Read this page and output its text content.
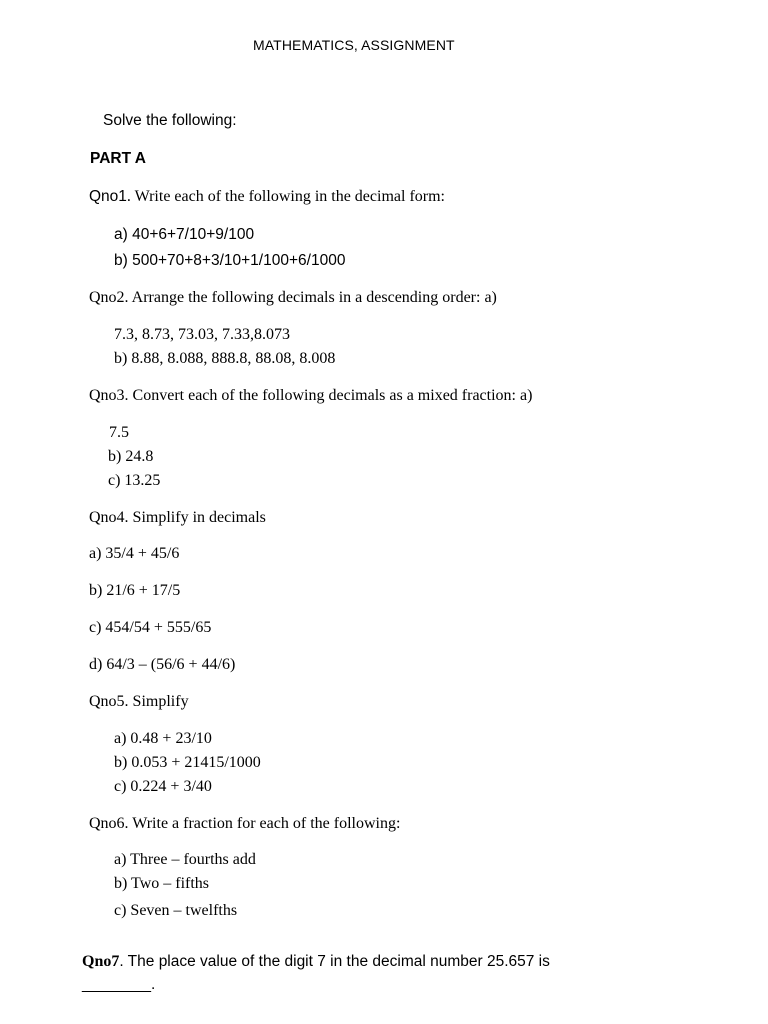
MATHEMATICS, ASSIGNMENT
Solve the following:
PART A
Qno1. Write each of the following in the decimal form:
a) 40+6+7/10+9/100
b) 500+70+8+3/10+1/100+6/1000
Qno2. Arrange the following decimals in a descending order: a)
7.3, 8.73, 73.03, 7.33,8.073
b) 8.88, 8.088, 888.8, 88.08, 8.008
Qno3. Convert each of the following decimals as a mixed fraction: a)
7.5
b) 24.8
c) 13.25
Qno4. Simplify in decimals
a) 35/4 + 45/6
b) 21/6 + 17/5
c) 454/54 + 555/65
d) 64/3 – (56/6 + 44/6)
Qno5. Simplify
a) 0.48 + 23/10
b) 0.053 + 21415/1000
c) 0.224 + 3/40
Qno6. Write a fraction for each of the following:
a) Three – fourths add
b) Two – fifths
c) Seven – twelfths
Qno7. The place value of the digit 7 in the decimal number 25.657 is
________.
